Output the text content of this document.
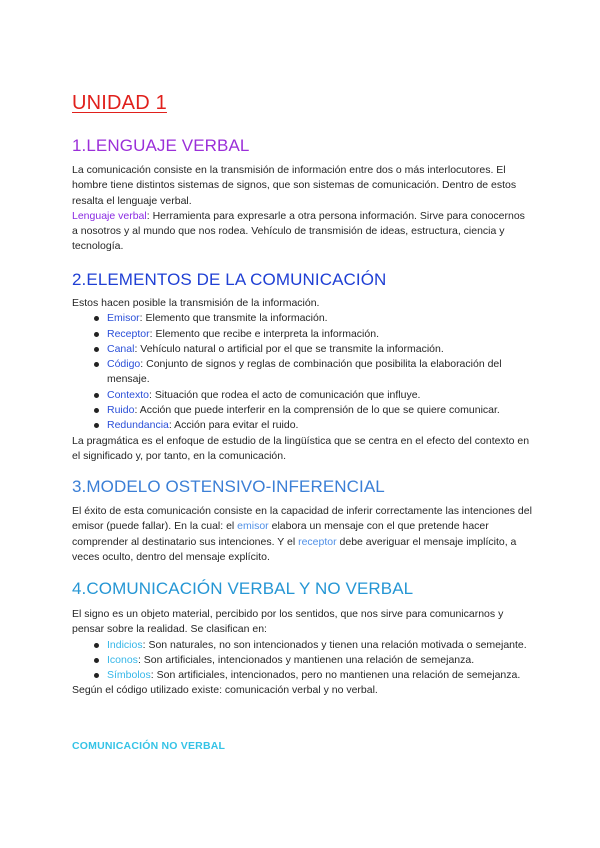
UNIDAD 1
1.LENGUAJE VERBAL

La comunicación consiste en la transmisión de información entre dos o más interlocutores. El hombre tiene distintos sistemas de signos, que son sistemas de comunicación. Dentro de estos resalta el lenguaje verbal.

Lenguaje verbal: Herramienta para expresarle a otra persona información. Sirve para conocernos a nosotros y al mundo que nos rodea. Vehículo de transmisión de ideas, estructura, ciencia y tecnología.

2.ELEMENTOS DE LA COMUNICACIÓN

Estos hacen posible la transmisión de la información.

Emisor: Elemento que transmite la información.
Receptor: Elemento que recibe e interpreta la información.
Canal: Vehículo natural o artificial por el que se transmite la información.
Código: Conjunto de signos y reglas de combinación que posibilita la elaboración del mensaje.
Contexto: Situación que rodea el acto de comunicación que influye.
Ruido: Acción que puede interferir en la comprensión de lo que se quiere comunicar.
Redundancia: Acción para evitar el ruido.

La pragmática es el enfoque de estudio de la lingüística que se centra en el efecto del contexto en el significado y, por tanto, en la comunicación.

3.MODELO OSTENSIVO-INFERENCIAL

El éxito de esta comunicación consiste en la capacidad de inferir correctamente las intenciones del emisor (puede fallar). En la cual: el emisor elabora un mensaje con el que pretende hacer comprender al destinatario sus intenciones. Y el receptor debe averiguar el mensaje implícito, a veces oculto, dentro del mensaje explícito.

4.COMUNICACIÓN VERBAL Y NO VERBAL

El signo es un objeto material, percibido por los sentidos, que nos sirve para comunicarnos y pensar sobre la realidad. Se clasifican en:

Indicios: Son naturales, no son intencionados y tienen una relación motivada o semejante.
Iconos: Son artificiales, intencionados y mantienen una relación de semejanza.
Símbolos: Son artificiales, intencionados, pero no mantienen una relación de semejanza.

Según el código utilizado existe: comunicación verbal y no verbal.

COMUNICACIÓN NO VERBAL
